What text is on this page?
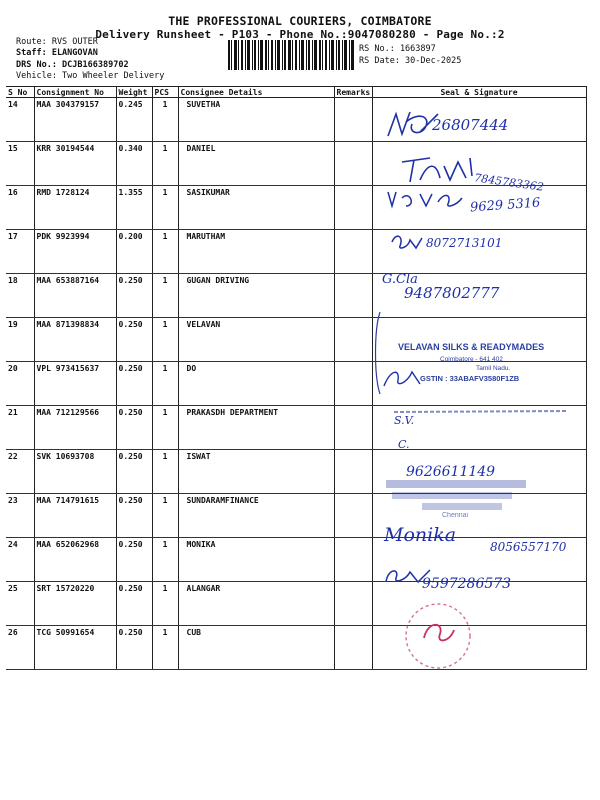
THE PROFESSIONAL COURIERS, COIMBATORE
Delivery Runsheet - P103 - Phone No.:9047080280 - Page No.:2
Route: RVS OUTER
Staff: ELANGOVAN
DRS No.: DCJB166389702
Vehicle: Two Wheeler Delivery
RS No.: 1663897
RS Date: 30-Dec-2025
S No	Consignment No	Weight	PCS	Consignee Details	Remarks	Seal & Signature
14	MAA 304379157	0.245	1	SUVETHA		
15	KRR 30194544	0.340	1	DANIEL		
16	RMD 1728124	1.355	1	SASIKUMAR		
17	PDK 9923994	0.200	1	MARUTHAM		
18	MAA 653887164	0.250	1	GUGAN DRIVING		
19	MAA 871398834	0.250	1	VELAVAN		
20	VPL 973415637	0.250	1	DO		
21	MAA 712129566	0.250	1	PRAKASDH DEPARTMENT		
22	SVK 10693708	0.250	1	ISWAT		
23	MAA 714791615	0.250	1	SUNDARAMFINANCE		
24	MAA 652062968	0.250	1	MONIKA		
25	SRT 15720220	0.250	1	ALANGAR		
26	TCG 50991654	0.250	1	CUB		
26807444
7845783362
9629 5316
8072713101
G.Cla
9487802777
VELAVAN SILKS & READYMADES
Coimbatore - 641 402
Tamil Nadu.
GSTIN : 33ABAFV3580F1ZB
S.V.
C.
9626611149
Chennai
Monika
8056557170
9597286573
